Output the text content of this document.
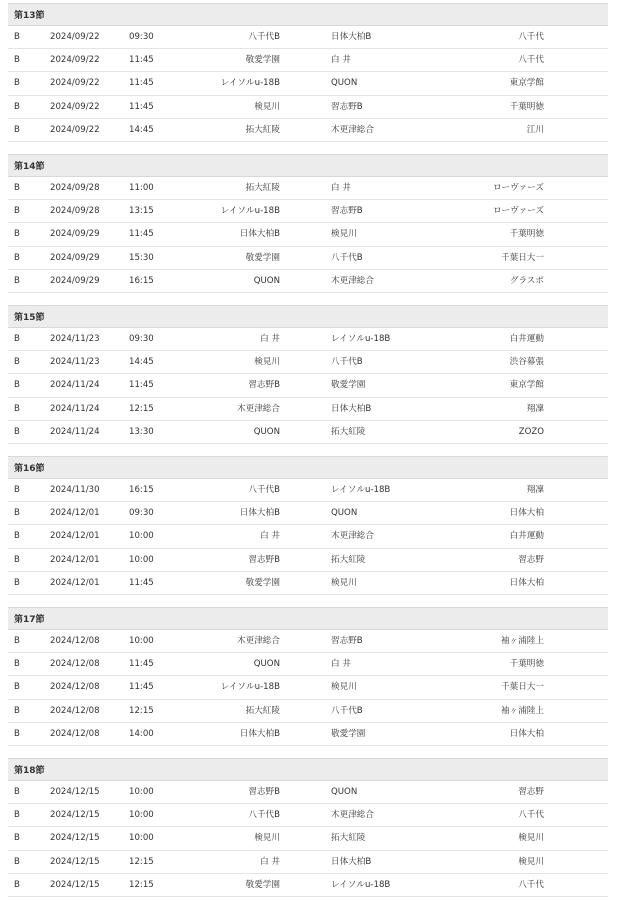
第13節
B	2024/09/22	09:30	八千代B	日体大柏B	八千代
B	2024/09/22	11:45	敬愛学園	白 井	八千代
B	2024/09/22	11:45	レイソルu-18B	QUON	東京学館
B	2024/09/22	11:45	検見川	習志野B	千葉明徳
B	2024/09/22	14:45	拓大紅陵	木更津総合	江川
第14節
B	2024/09/28	11:00	拓大紅陵	白 井	ローヴァーズ
B	2024/09/28	13:15	レイソルu-18B	習志野B	ローヴァーズ
B	2024/09/29	11:45	日体大柏B	検見川	千葉明徳
B	2024/09/29	15:30	敬愛学園	八千代B	千葉日大一
B	2024/09/29	16:15	QUON	木更津総合	グラスポ
第15節
B	2024/11/23	09:30	白 井	レイソルu-18B	白井運動
B	2024/11/23	14:45	検見川	八千代B	渋谷幕張
B	2024/11/24	11:45	習志野B	敬愛学園	東京学館
B	2024/11/24	12:15	木更津総合	日体大柏B	翔凜
B	2024/11/24	13:30	QUON	拓大紅陵	ZOZO
第16節
B	2024/11/30	16:15	八千代B	レイソルu-18B	翔凜
B	2024/12/01	09:30	日体大柏B	QUON	日体大柏
B	2024/12/01	10:00	白 井	木更津総合	白井運動
B	2024/12/01	10:00	習志野B	拓大紅陵	習志野
B	2024/12/01	11:45	敬愛学園	検見川	日体大柏
第17節
B	2024/12/08	10:00	木更津総合	習志野B	袖ヶ浦陸上
B	2024/12/08	11:45	QUON	白 井	千葉明徳
B	2024/12/08	11:45	レイソルu-18B	検見川	千葉日大一
B	2024/12/08	12:15	拓大紅陵	八千代B	袖ヶ浦陸上
B	2024/12/08	14:00	日体大柏B	敬愛学園	日体大柏
第18節
B	2024/12/15	10:00	習志野B	QUON	習志野
B	2024/12/15	10:00	八千代B	木更津総合	八千代
B	2024/12/15	10:00	検見川	拓大紅陵	検見川
B	2024/12/15	12:15	白 井	日体大柏B	検見川
B	2024/12/15	12:15	敬愛学園	レイソルu-18B	八千代
